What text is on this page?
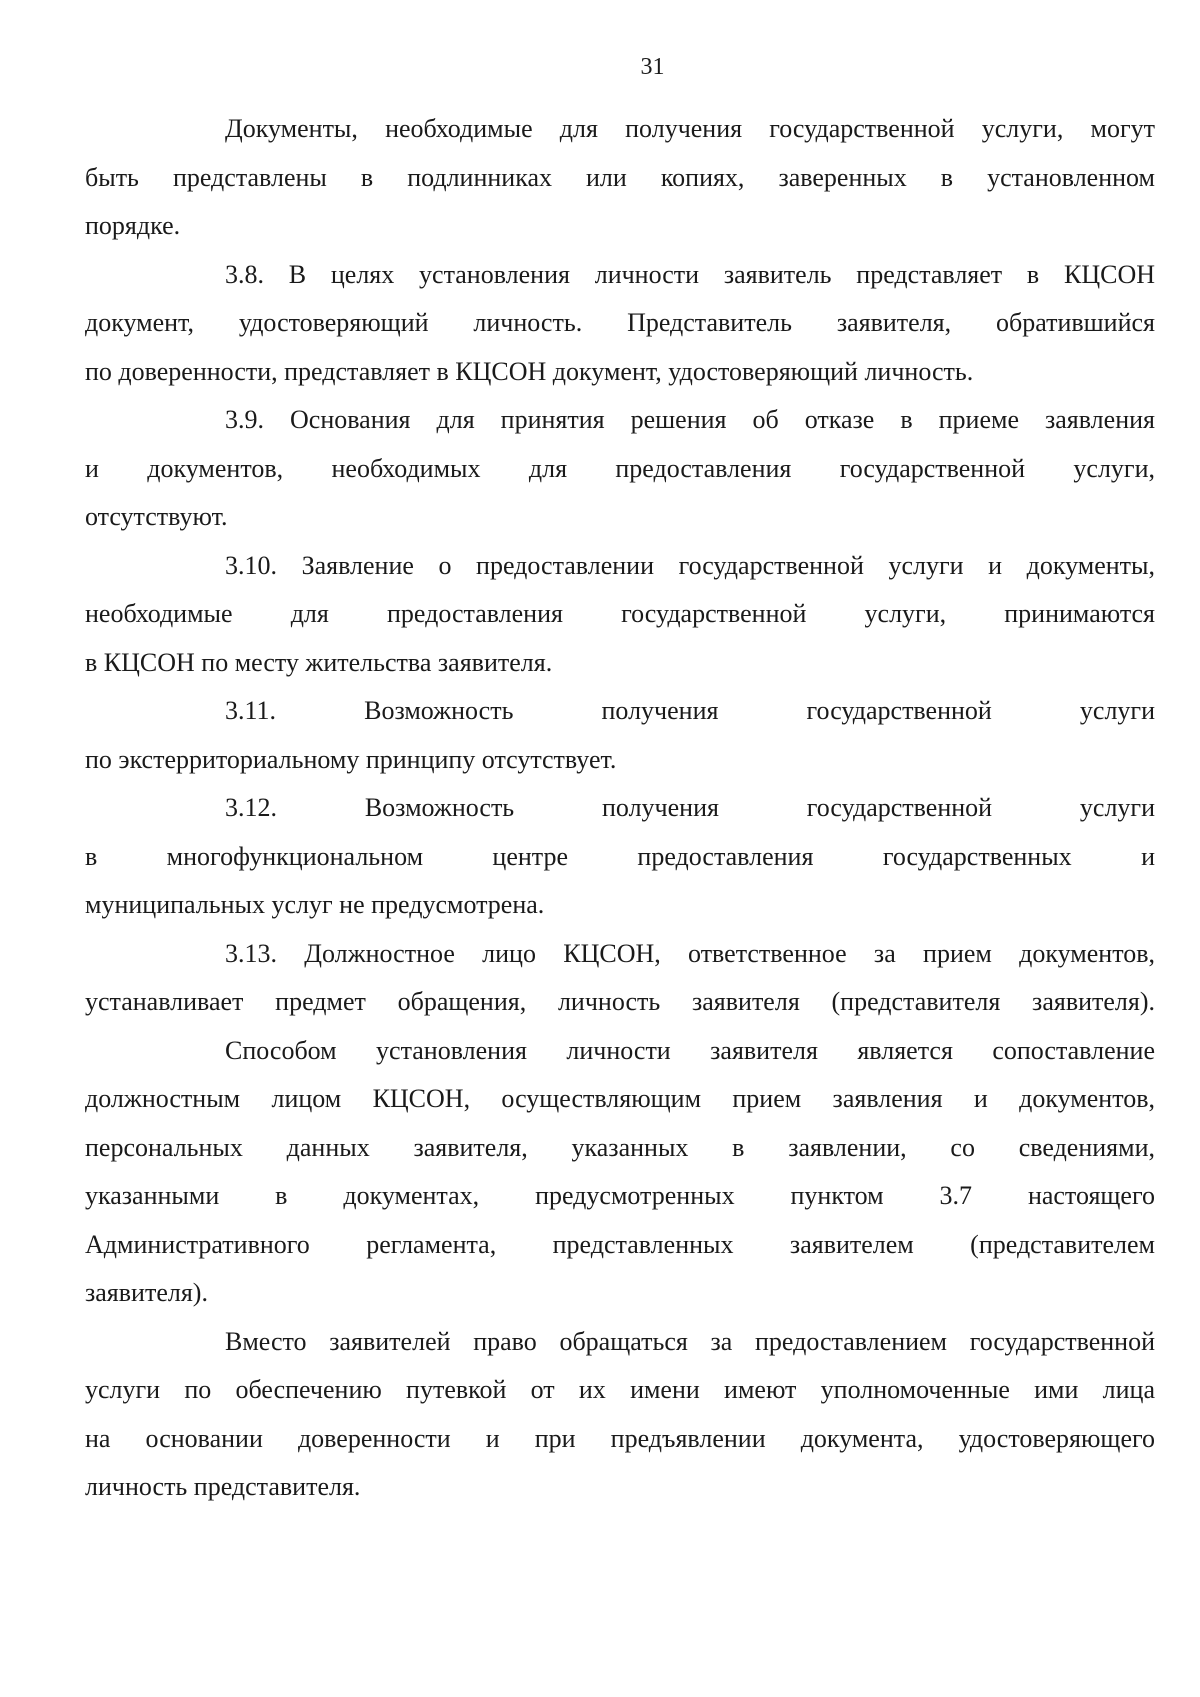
31

Документы, необходимые для получения государственной услуги, могут
быть представлены в подлинниках или копиях, заверенных в установленном
порядке.

3.8. В целях установления личности заявитель представляет в КЦСОН
документ, удостоверяющий личность. Представитель заявителя, обратившийся
по доверенности, представляет в КЦСОН документ, удостоверяющий личность.

3.9. Основания для принятия решения об отказе в приеме заявления
и документов, необходимых для предоставления государственной услуги,
отсутствуют.

3.10. Заявление о предоставлении государственной услуги и документы,
необходимые для предоставления государственной услуги, принимаются
в КЦСОН по месту жительства заявителя.

3.11. Возможность получения государственной услуги
по экстерриториальному принципу отсутствует.

3.12. Возможность получения государственной услуги
в многофункциональном центре предоставления государственных и
муниципальных услуг не предусмотрена.

3.13. Должностное лицо КЦСОН, ответственное за прием документов,
устанавливает предмет обращения, личность заявителя (представителя заявителя).

Способом установления личности заявителя является сопоставление
должностным лицом КЦСОН, осуществляющим прием заявления и документов,
персональных данных заявителя, указанных в заявлении, со сведениями,
указанными в документах, предусмотренных пунктом 3.7 настоящего
Административного регламента, представленных заявителем (представителем
заявителя).

Вместо заявителей право обращаться за предоставлением государственной
услуги по обеспечению путевкой от их имени имеют уполномоченные ими лица
на основании доверенности и при предъявлении документа, удостоверяющего
личность представителя.
